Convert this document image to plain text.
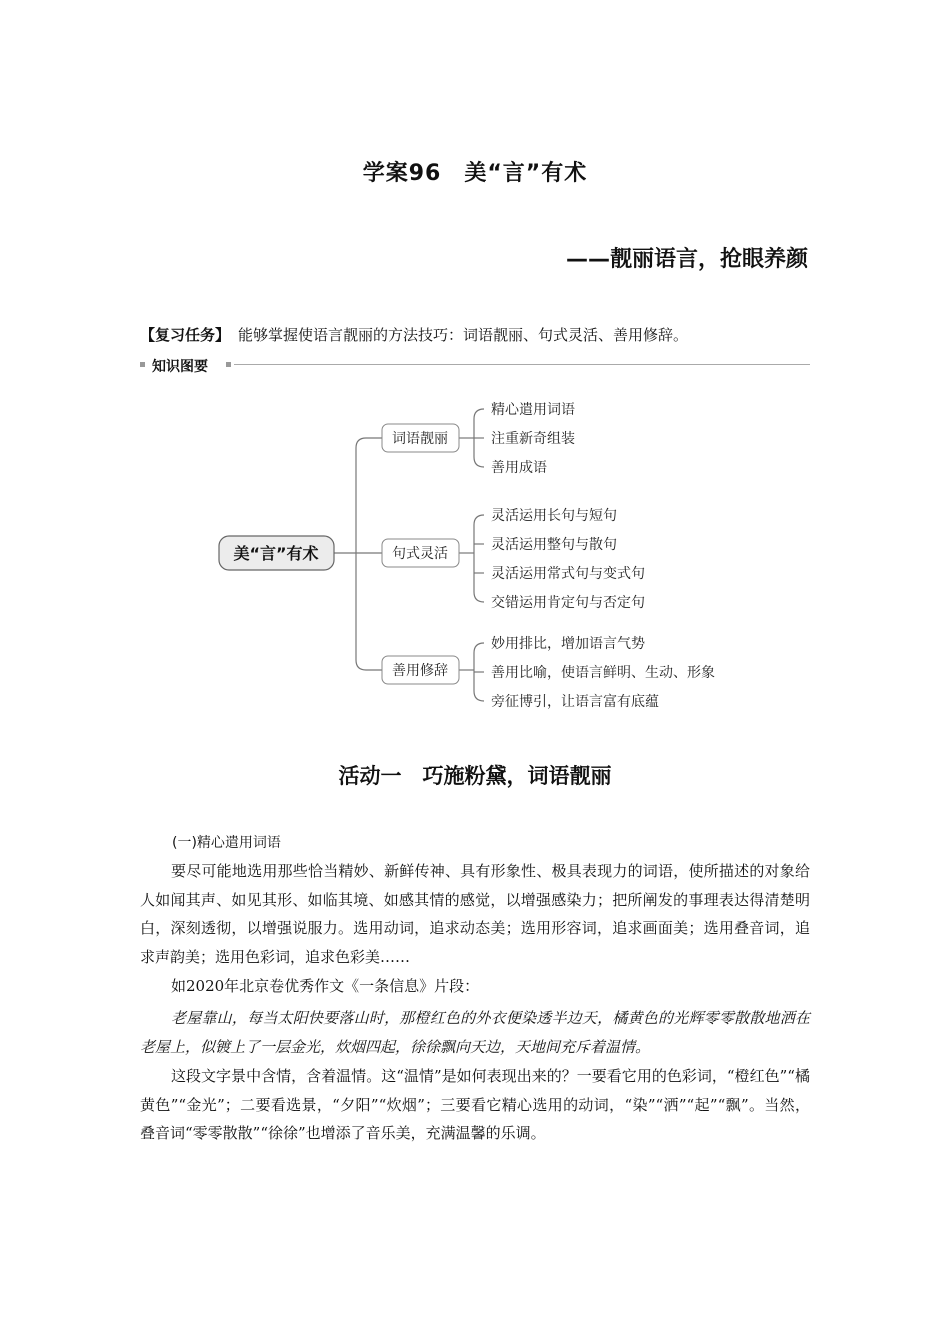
学案96　美“言”有术
——靓丽语言，抢眼养颜
【复习任务】 能够掌握使语言靓丽的方法技巧：词语靓丽、句式灵活、善用修辞。
知识图要
美“言”有术
词语靓丽
句式灵活
善用修辞
精心遣用词语
注重新奇组装
善用成语
灵活运用长句与短句
灵活运用整句与散句
灵活运用常式句与变式句
交错运用肯定句与否定句
妙用排比，增加语言气势
善用比喻，使语言鲜明、生动、形象
旁征博引，让语言富有底蕴
活动一　巧施粉黛，词语靓丽
(一)精心遣用词语
要尽可能地选用那些恰当精妙、新鲜传神、具有形象性、极具表现力的词语，使所描述的对象给人如闻其声、如见其形、如临其境、如感其情的感觉，以增强感染力；把所阐发的事理表达得清楚明白，深刻透彻，以增强说服力。选用动词，追求动态美；选用形容词，追求画面美；选用叠音词，追求声韵美；选用色彩词，追求色彩美……
如2020年北京卷优秀作文《一条信息》片段：
老屋靠山，每当太阳快要落山时，那橙红色的外衣便染透半边天，橘黄色的光辉零零散散地洒在老屋上，似镀上了一层金光，炊烟四起，徐徐飘向天边，天地间充斥着温情。
这段文字景中含情，含着温情。这“温情”是如何表现出来的？一要看它用的色彩词，“橙红色”“橘黄色”“金光”；二要看选景，“夕阳”“炊烟”；三要看它精心选用的动词，“染”“洒”“起”“飘”。当然，叠音词“零零散散”“徐徐”也增添了音乐美，充满温馨的乐调。
